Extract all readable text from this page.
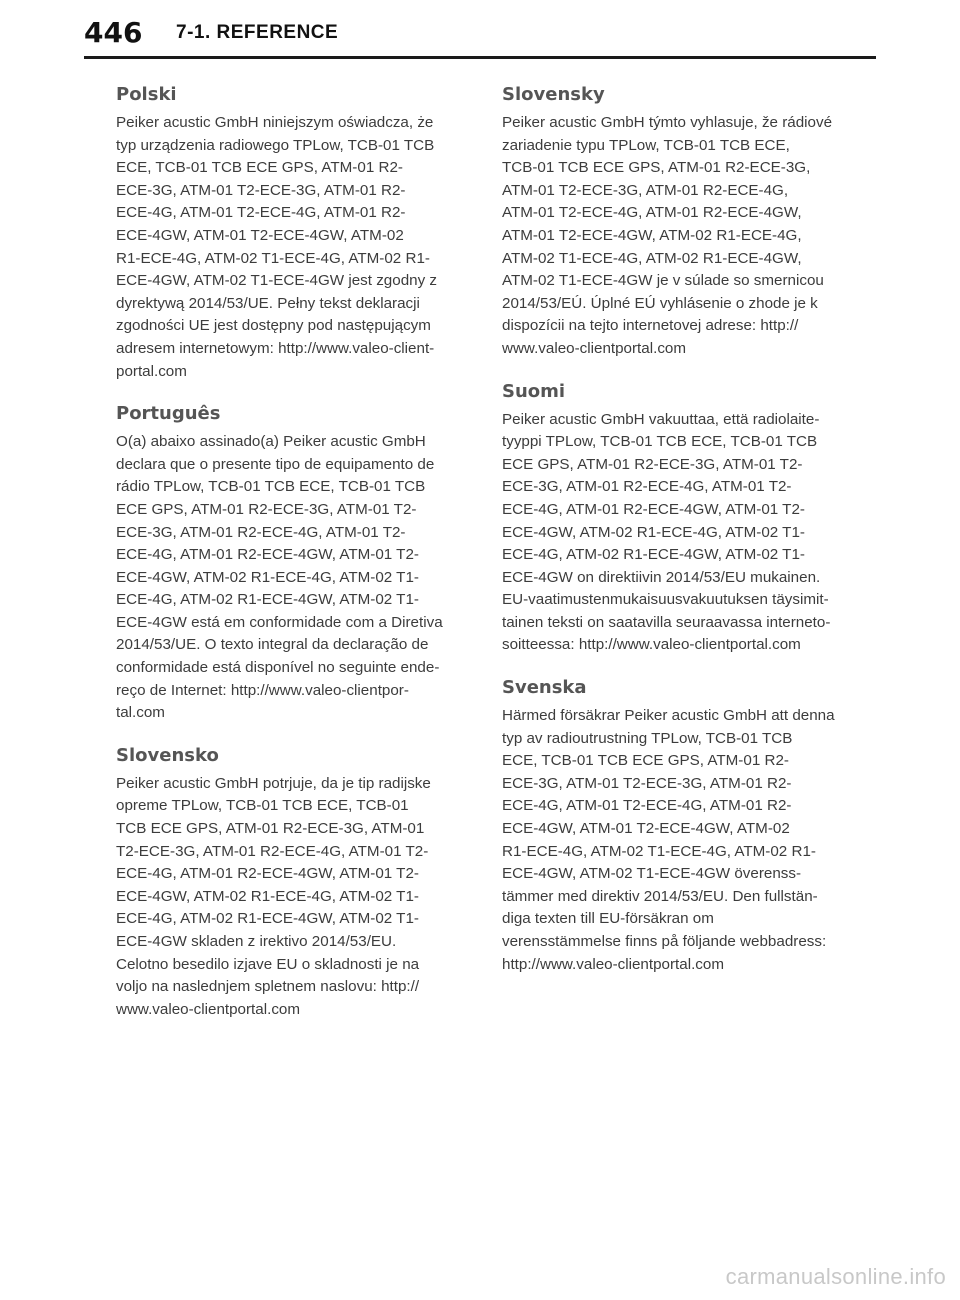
446 7-1. REFERENCE
Polski

Peiker acustic GmbH niniejszym oświadcza, że
typ urządzenia radiowego TPLow, TCB-01 TCB
ECE, TCB-01 TCB ECE GPS, ATM-01 R2-
ECE-3G, ATM-01 T2-ECE-3G, ATM-01 R2-
ECE-4G, ATM-01 T2-ECE-4G, ATM-01 R2-
ECE-4GW, ATM-01 T2-ECE-4GW, ATM-02
R1-ECE-4G, ATM-02 T1-ECE-4G, ATM-02 R1-
ECE-4GW, ATM-02 T1-ECE-4GW jest zgodny z
dyrektywą 2014/53/UE. Pełny tekst deklaracji
zgodności UE jest dostępny pod następującym
adresem internetowym: http://www.valeo-client-
portal.com

Português

O(a) abaixo assinado(a) Peiker acustic GmbH
declara que o presente tipo de equipamento de
rádio TPLow, TCB-01 TCB ECE, TCB-01 TCB
ECE GPS, ATM-01 R2-ECE-3G, ATM-01 T2-
ECE-3G, ATM-01 R2-ECE-4G, ATM-01 T2-
ECE-4G, ATM-01 R2-ECE-4GW, ATM-01 T2-
ECE-4GW, ATM-02 R1-ECE-4G, ATM-02 T1-
ECE-4G, ATM-02 R1-ECE-4GW, ATM-02 T1-
ECE-4GW está em conformidade com a Diretiva
2014/53/UE. O texto integral da declaração de
conformidade está disponível no seguinte ende-
reço de Internet: http://www.valeo-clientpor-
tal.com

Slovensko

Peiker acustic GmbH potrjuje, da je tip radijske
opreme TPLow, TCB-01 TCB ECE, TCB-01
TCB ECE GPS, ATM-01 R2-ECE-3G, ATM-01
T2-ECE-3G, ATM-01 R2-ECE-4G, ATM-01 T2-
ECE-4G, ATM-01 R2-ECE-4GW, ATM-01 T2-
ECE-4GW, ATM-02 R1-ECE-4G, ATM-02 T1-
ECE-4G, ATM-02 R1-ECE-4GW, ATM-02 T1-
ECE-4GW skladen z irektivo 2014/53/EU.
Celotno besedilo izjave EU o skladnosti je na
voljo na naslednjem spletnem naslovu: http://
www.valeo-clientportal.com

Slovensky

Peiker acustic GmbH týmto vyhlasuje, že rádiové
zariadenie typu TPLow, TCB-01 TCB ECE,
TCB-01 TCB ECE GPS, ATM-01 R2-ECE-3G,
ATM-01 T2-ECE-3G, ATM-01 R2-ECE-4G,
ATM-01 T2-ECE-4G, ATM-01 R2-ECE-4GW,
ATM-01 T2-ECE-4GW, ATM-02 R1-ECE-4G,
ATM-02 T1-ECE-4G, ATM-02 R1-ECE-4GW,
ATM-02 T1-ECE-4GW je v súlade so smernicou
2014/53/EÚ. Úplné EÚ vyhlásenie o zhode je k
dispozícii na tejto internetovej adrese: http://
www.valeo-clientportal.com

Suomi

Peiker acustic GmbH vakuuttaa, että radiolaite-
tyyppi TPLow, TCB-01 TCB ECE, TCB-01 TCB
ECE GPS, ATM-01 R2-ECE-3G, ATM-01 T2-
ECE-3G, ATM-01 R2-ECE-4G, ATM-01 T2-
ECE-4G, ATM-01 R2-ECE-4GW, ATM-01 T2-
ECE-4GW, ATM-02 R1-ECE-4G, ATM-02 T1-
ECE-4G, ATM-02 R1-ECE-4GW, ATM-02 T1-
ECE-4GW on direktiivin 2014/53/EU mukainen.
EU-vaatimustenmukaisuusvakuutuksen täysimit-
tainen teksti on saatavilla seuraavassa interneto-
soitteessa: http://www.valeo-clientportal.com

Svenska

Härmed försäkrar Peiker acustic GmbH att denna
typ av radioutrustning TPLow, TCB-01 TCB
ECE, TCB-01 TCB ECE GPS, ATM-01 R2-
ECE-3G, ATM-01 T2-ECE-3G, ATM-01 R2-
ECE-4G, ATM-01 T2-ECE-4G, ATM-01 R2-
ECE-4GW, ATM-01 T2-ECE-4GW, ATM-02
R1-ECE-4G, ATM-02 T1-ECE-4G, ATM-02 R1-
ECE-4GW, ATM-02 T1-ECE-4GW överenss-
tämmer med direktiv 2014/53/EU. Den fullstän-
diga texten till EU-försäkran om
verensstämmelse finns på följande webbadress:
http://www.valeo-clientportal.com

carmanualsonline.info
